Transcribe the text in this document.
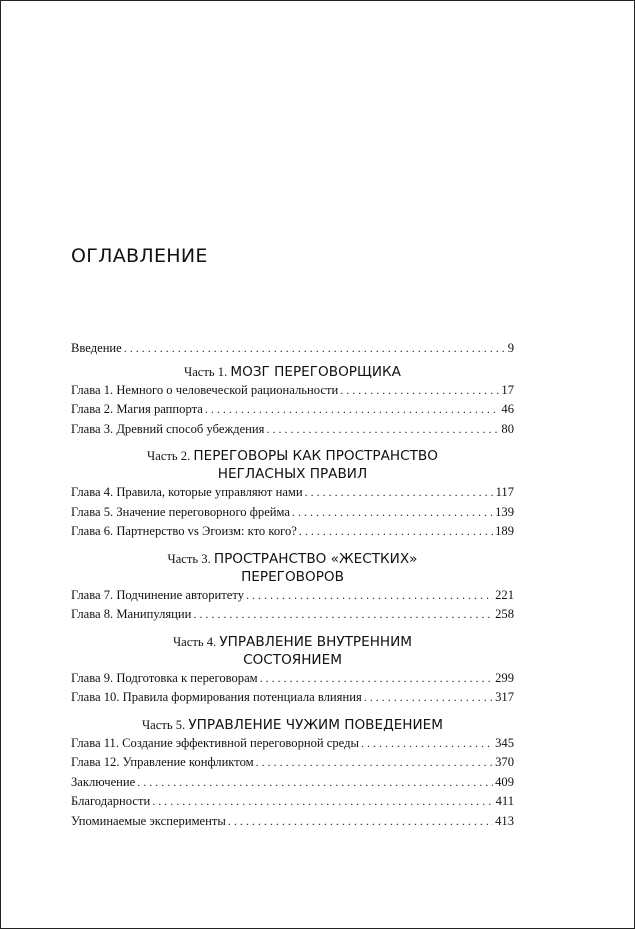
ОГЛАВЛЕНИЕ
Введение . . .	9
Часть 1. МОЗГ ПЕРЕГОВОРЩИКА
Глава 1. Немного о человеческой рациональности . . .	17
Глава 2. Магия раппорта . . .	46
Глава 3. Древний способ убеждения . . .	80
Часть 2. ПЕРЕГОВОРЫ КАК ПРОСТРАНСТВО
НЕГЛАСНЫХ ПРАВИЛ
Глава 4. Правила, которые управляют нами . . .	117
Глава 5. Значение переговорного фрейма . . .	139
Глава 6. Партнерство vs Эгоизм: кто кого? . . .	189
Часть 3. ПРОСТРАНСТВО «ЖЕСТКИХ»
ПЕРЕГОВОРОВ
Глава 7. Подчинение авторитету . . .	221
Глава 8. Манипуляции . . .	258
Часть 4. УПРАВЛЕНИЕ ВНУТРЕННИМ
СОСТОЯНИЕМ
Глава 9. Подготовка к переговорам . . .	299
Глава 10. Правила формирования потенциала влияния . . .	317
Часть 5. УПРАВЛЕНИЕ ЧУЖИМ ПОВЕДЕНИЕМ
Глава 11. Создание эффективной переговорной среды . . .	345
Глава 12. Управление конфликтом . . .	370
Заключение . . .	409
Благодарности . . .	411
Упоминаемые эксперименты . . .	413
